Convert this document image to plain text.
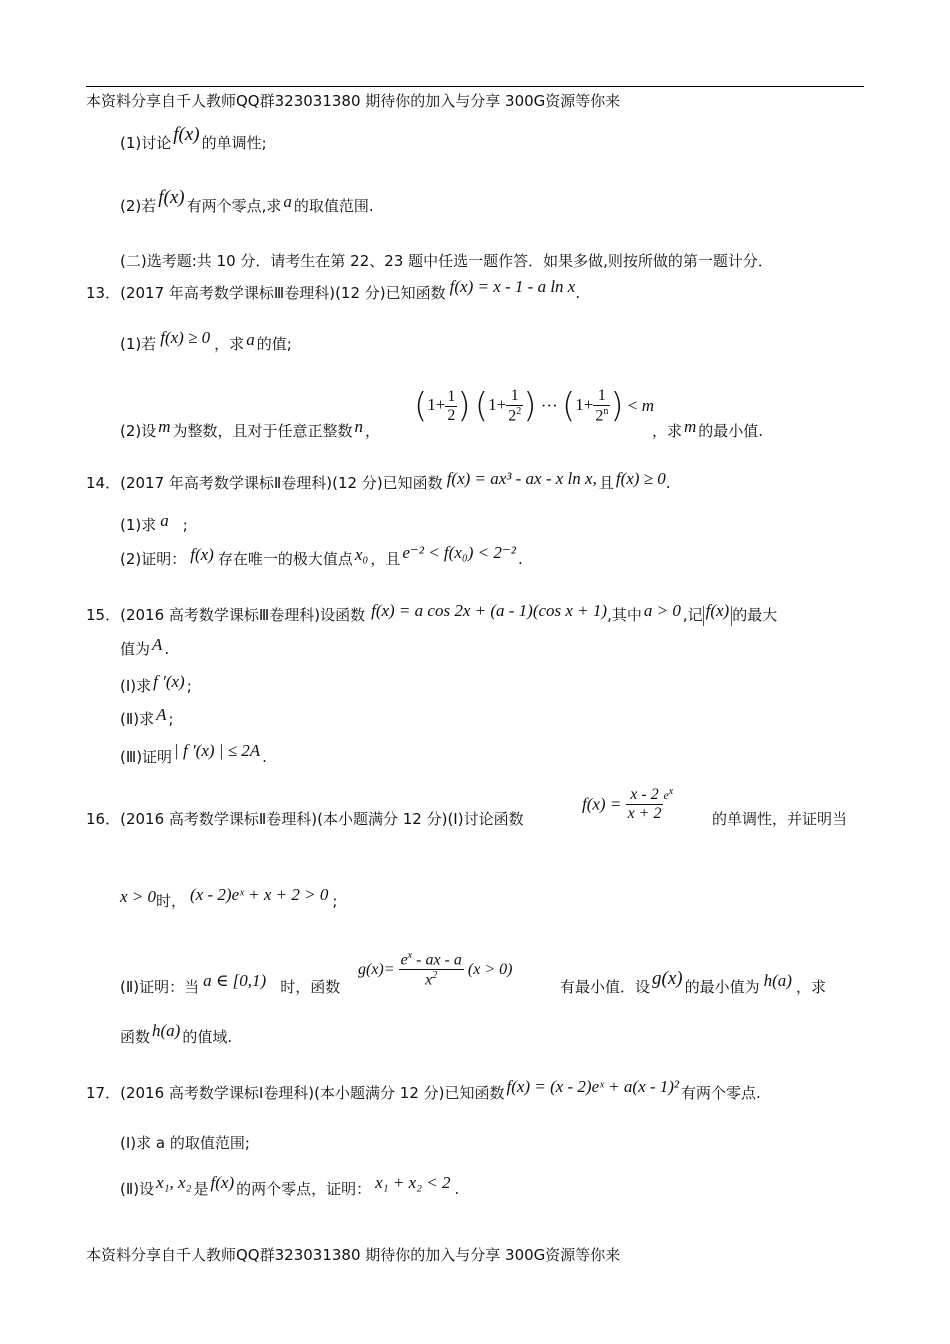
本资料分享自千人教师QQ群323031380 期待你的加入与分享 300G资源等你来
(1)讨论 f(x) 的单调性;
(2)若 f(x) 有两个零点,求 a 的取值范围.
(二)选考题:共 10 分．请考生在第 22、23 题中任选一题作答．如果多做,则按所做的第一题计分．
13．(2017 年高考数学课标Ⅲ卷理科)(12 分)已知函数 f(x) = x - 1 - a ln x.
(1)若 f(x) ≥ 0 ，求 a 的值;
(2)设 m 为整数，且对于任意正整数 n ，
($1+ \frac{1}{2}$ ) ($1+ \frac{1}{2^2}$ ) ··· ($1+ \frac{1}{2^n}$ ) < m
，求 m 的最小值.
14．(2017 年高考数学课标Ⅱ卷理科)(12 分)已知函数 f(x) = ax³ - ax - x ln x, 且 f(x) ≥ 0.
(1)求 a ;
(2)证明： f(x) 存在唯一的极大值点 x₀ ，且 e⁻² < f(x₀) < 2⁻² .
15．(2016 高考数学课标Ⅲ卷理科)设函数 f(x) = a cos 2x + (a - 1)(cos x + 1),其中 a > 0 ,记 f(x) 的最大
值为 A .
(Ⅰ)求 f ′(x) ;
(Ⅱ)求 A ;
(Ⅲ)证明 | f ′(x) | ≤ 2A .
16．(2016 高考数学课标Ⅱ卷理科)(本小题满分 12 分)(Ⅰ)讨论函数
$f(x) = \frac{x - 2}{x + 2} ^{e^x}$
的单调性，并证明当
x > 0时， (x - 2)eˣ + x + 2 > 0 ;
(Ⅱ)证明：当 a ∈ [0,1) 时，函数
$g(x)= \frac{e^x - ax - a}{x^2} (x > 0)$
有最小值．设 g(x) 的最小值为 h(a) ，求
函数 h(a) 的值域.
17．(2016 高考数学课标Ⅰ卷理科)(本小题满分 12 分)已知函数 f(x) = (x - 2)eˣ + a(x - 1)² 有两个零点.
(Ⅰ)求 a 的取值范围;
(Ⅱ)设 x₁, x₂ 是 f(x) 的两个零点，证明： x₁ + x₂ < 2 .
本资料分享自千人教师QQ群323031380 期待你的加入与分享 300G资源等你来
